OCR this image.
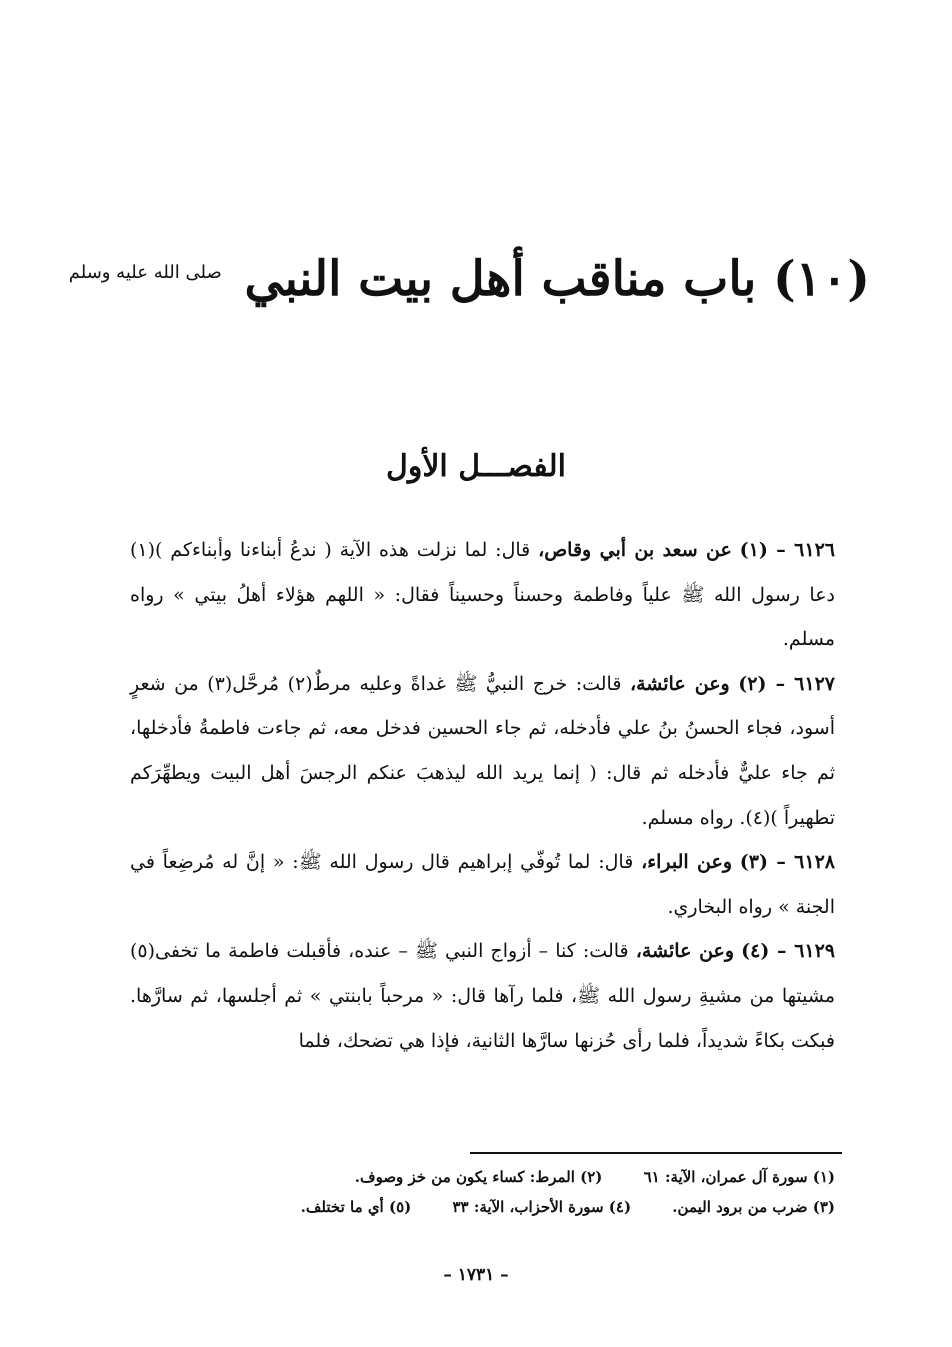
(١٠) باب مناقب أهل بيت النبي صلى الله عليه وسلم
الفصـــل الأول

٦١٢٦ – (١) عن سعد بن أبي وقاص، قال: لما نزلت هذه الآية ( ندعُ أبناءنا وأبناءكم )(١) دعا رسول الله ﷺ علياً وفاطمة وحسناً وحسيناً فقال: « اللهم هؤلاء أهلُ بيتي » رواه مسلم.

٦١٢٧ – (٢) وعن عائشة، قالت: خرج النبيُّ ﷺ غداةً وعليه مرطٌ(٢) مُرحَّل(٣) من شعرٍ أسود، فجاء الحسنُ بنُ علي فأدخله، ثم جاء الحسين فدخل معه، ثم جاءت فاطمةُ فأدخلها، ثم جاء عليٌّ فأدخله ثم قال: ( إنما يريد الله ليذهبَ عنكم الرجسَ أهل البيت ويطهِّرَكم تطهيراً )(٤). رواه مسلم.

٦١٢٨ – (٣) وعن البراء، قال: لما تُوفّي إبراهيم قال رسول الله ﷺ: « إنَّ له مُرضِعاً في الجنة » رواه البخاري.

٦١٢٩ – (٤) وعن عائشة، قالت: كنا – أزواج النبي ﷺ – عنده، فأقبلت فاطمة ما تخفى(٥) مشيتها من مشيةِ رسول الله ﷺ، فلما رآها قال: « مرحباً بابنتي » ثم أجلسها، ثم سارَّها. فبكت بكاءً شديداً، فلما رأى حُزنها سارَّها الثانية، فإذا هي تضحك، فلما

(١) سورة آل عمران، الآية: ٦١ (٢) المرط: كساء يكون من خز وصوف.
(٣) ضرب من برود اليمن. (٤) سورة الأحزاب، الآية: ٣٣ (٥) أي ما تختلف.
– ١٧٣١ –
